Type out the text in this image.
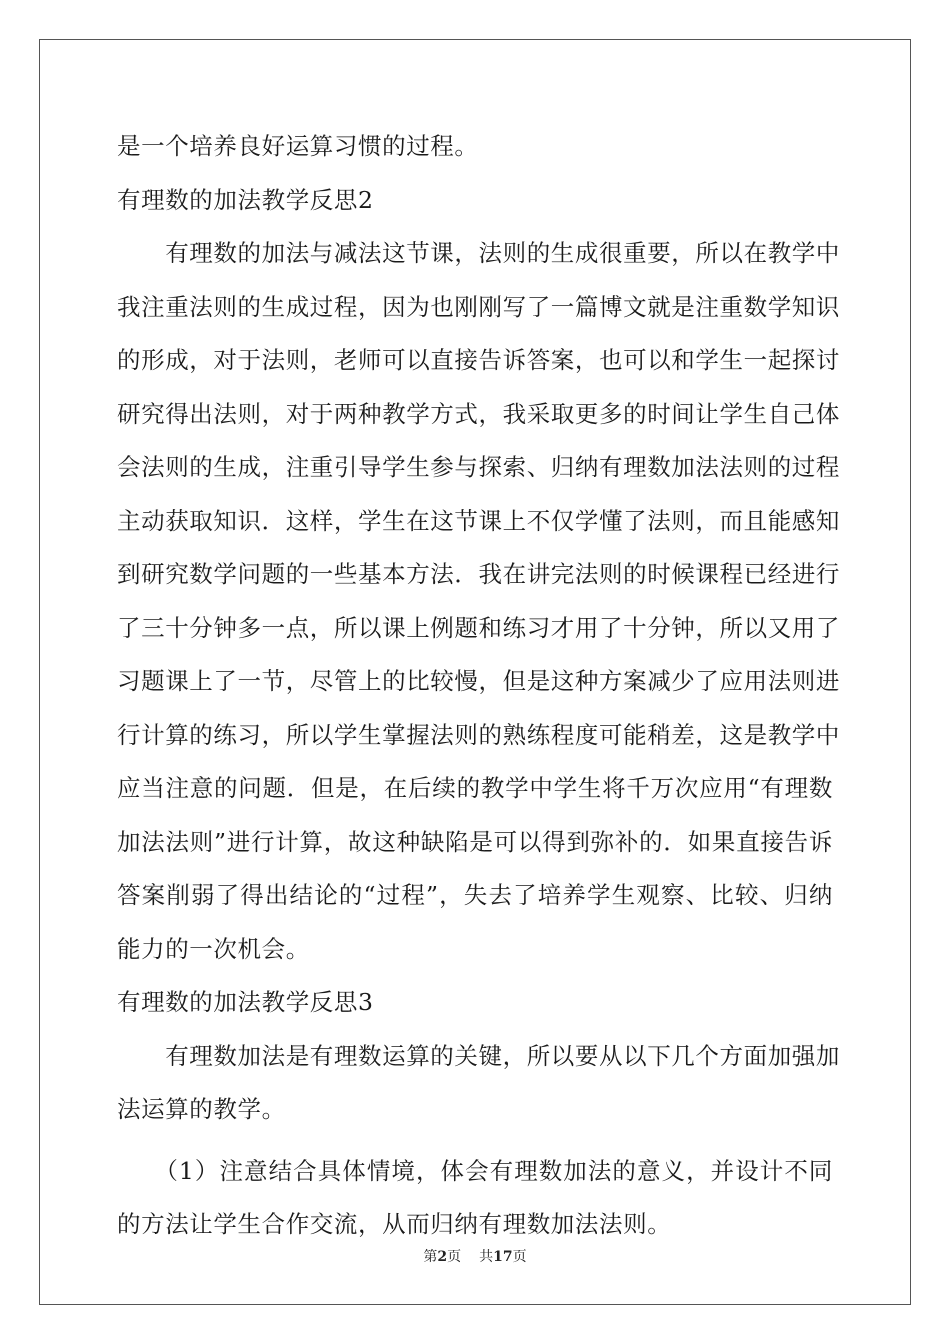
是一个培养良好运算习惯的过程。
有理数的加法教学反思2
　　有理数的加法与减法这节课，法则的生成很重要，所以在教学中
我注重法则的生成过程，因为也刚刚写了一篇博文就是注重数学知识
的形成，对于法则，老师可以直接告诉答案，也可以和学生一起探讨
研究得出法则，对于两种教学方式，我采取更多的时间让学生自己体
会法则的生成，注重引导学生参与探索、归纳有理数加法法则的过程
主动获取知识．这样，学生在这节课上不仅学懂了法则，而且能感知
到研究数学问题的一些基本方法．我在讲完法则的时候课程已经进行
了三十分钟多一点，所以课上例题和练习才用了十分钟，所以又用了
习题课上了一节，尽管上的比较慢，但是这种方案减少了应用法则进
行计算的练习，所以学生掌握法则的熟练程度可能稍差，这是教学中
应当注意的问题．但是，在后续的教学中学生将千万次应用“有理数
加法法则”进行计算，故这种缺陷是可以得到弥补的．如果直接告诉
答案削弱了得出结论的“过程”，失去了培养学生观察、比较、归纳
能力的一次机会。
有理数的加法教学反思3
　　有理数加法是有理数运算的关键，所以要从以下几个方面加强加
法运算的教学。
　　（1）注意结合具体情境，体会有理数加法的意义，并设计不同
的方法让学生合作交流，从而归纳有理数加法法则。
第2页 共17页
